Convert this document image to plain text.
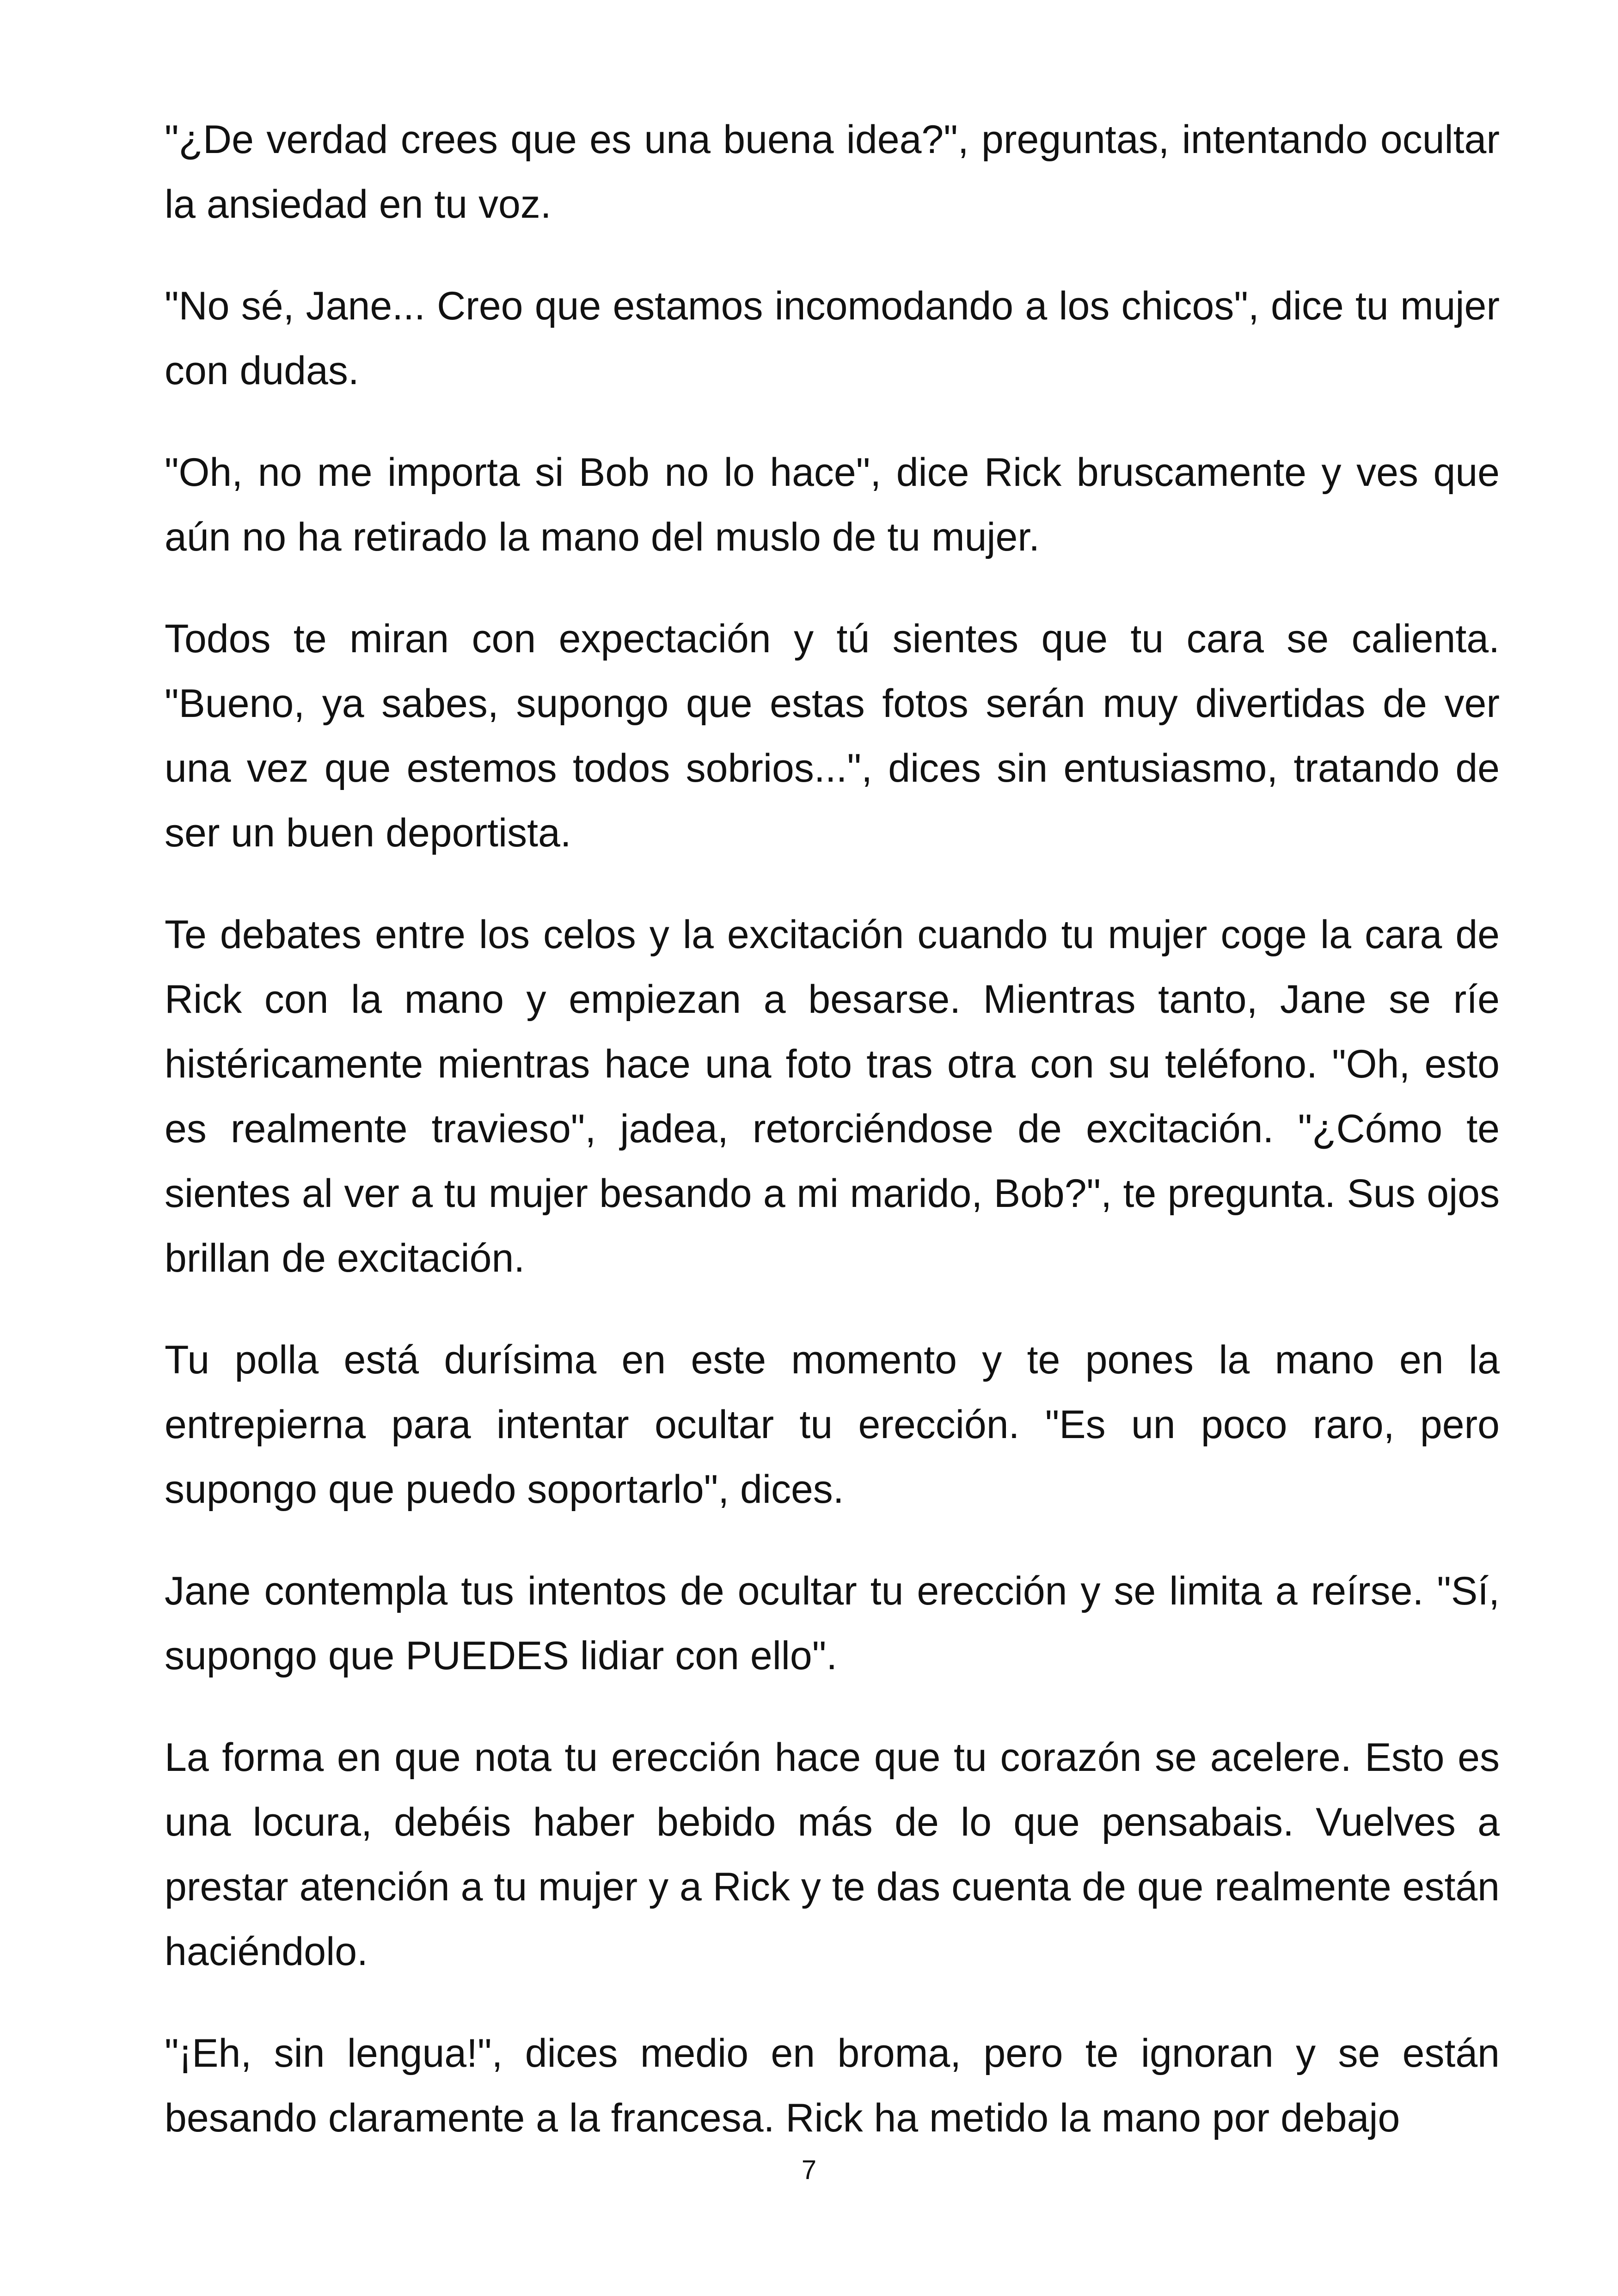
"¿De verdad crees que es una buena idea?", preguntas, intentando ocultar la ansiedad en tu voz.

"No sé, Jane... Creo que estamos incomodando a los chicos", dice tu mujer con dudas.

"Oh, no me importa si Bob no lo hace", dice Rick bruscamente y ves que aún no ha retirado la mano del muslo de tu mujer.

Todos te miran con expectación y tú sientes que tu cara se calienta. "Bueno, ya sabes, supongo que estas fotos serán muy divertidas de ver una vez que estemos todos sobrios...", dices sin entusiasmo, tratando de ser un buen deportista.

Te debates entre los celos y la excitación cuando tu mujer coge la cara de Rick con la mano y empiezan a besarse. Mientras tanto, Jane se ríe histéricamente mientras hace una foto tras otra con su teléfono. "Oh, esto es realmente travieso", jadea, retorciéndose de excitación. "¿Cómo te sientes al ver a tu mujer besando a mi marido, Bob?", te pregunta. Sus ojos brillan de excitación.

Tu polla está durísima en este momento y te pones la mano en la entrepierna para intentar ocultar tu erección. "Es un poco raro, pero supongo que puedo soportarlo", dices.

Jane contempla tus intentos de ocultar tu erección y se limita a reírse. "Sí, supongo que PUEDES lidiar con ello".

La forma en que nota tu erección hace que tu corazón se acelere. Esto es una locura, debéis haber bebido más de lo que pensabais. Vuelves a prestar atención a tu mujer y a Rick y te das cuenta de que realmente están haciéndolo.

"¡Eh, sin lengua!", dices medio en broma, pero te ignoran y se están besando claramente a la francesa. Rick ha metido la mano por debajo

7
